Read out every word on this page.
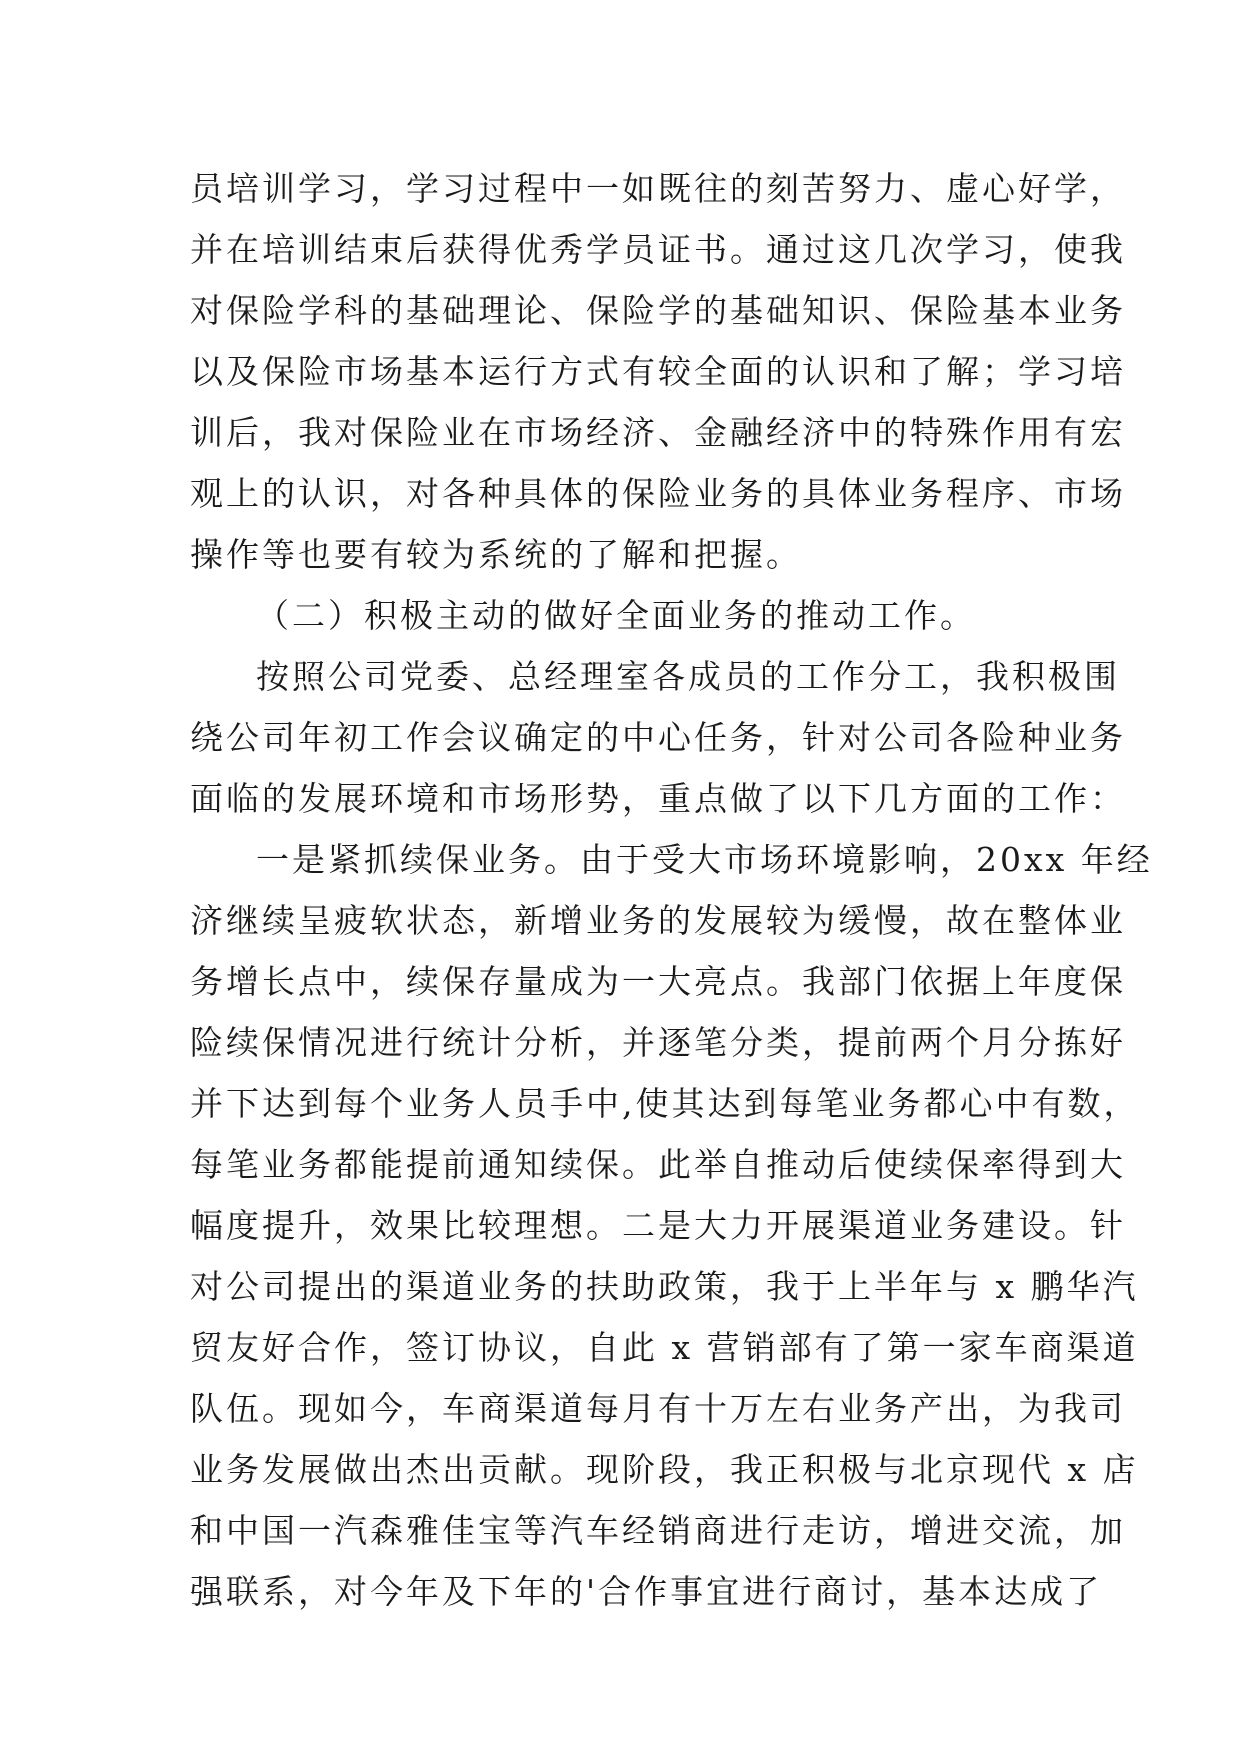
员培训学习，学习过程中一如既往的刻苦努力、虚心好学，
并在培训结束后获得优秀学员证书。通过这几次学习，使我
对保险学科的基础理论、保险学的基础知识、保险基本业务
以及保险市场基本运行方式有较全面的认识和了解；学习培
训后，我对保险业在市场经济、金融经济中的特殊作用有宏
观上的认识，对各种具体的保险业务的具体业务程序、市场
操作等也要有较为系统的了解和把握。
（二）积极主动的做好全面业务的推动工作。
按照公司党委、总经理室各成员的工作分工，我积极围
绕公司年初工作会议确定的中心任务，针对公司各险种业务
面临的发展环境和市场形势，重点做了以下几方面的工作：
一是紧抓续保业务。由于受大市场环境影响，20xx 年经
济继续呈疲软状态，新增业务的发展较为缓慢，故在整体业
务增长点中，续保存量成为一大亮点。我部门依据上年度保
险续保情况进行统计分析，并逐笔分类，提前两个月分拣好
并下达到每个业务人员手中,使其达到每笔业务都心中有数，
每笔业务都能提前通知续保。此举自推动后使续保率得到大
幅度提升，效果比较理想。二是大力开展渠道业务建设。针
对公司提出的渠道业务的扶助政策，我于上半年与 x 鹏华汽
贸友好合作，签订协议，自此 x 营销部有了第一家车商渠道
队伍。现如今，车商渠道每月有十万左右业务产出，为我司
业务发展做出杰出贡献。现阶段，我正积极与北京现代 x 店
和中国一汽森雅佳宝等汽车经销商进行走访，增进交流，加
强联系，对今年及下年的'合作事宜进行商讨，基本达成了
